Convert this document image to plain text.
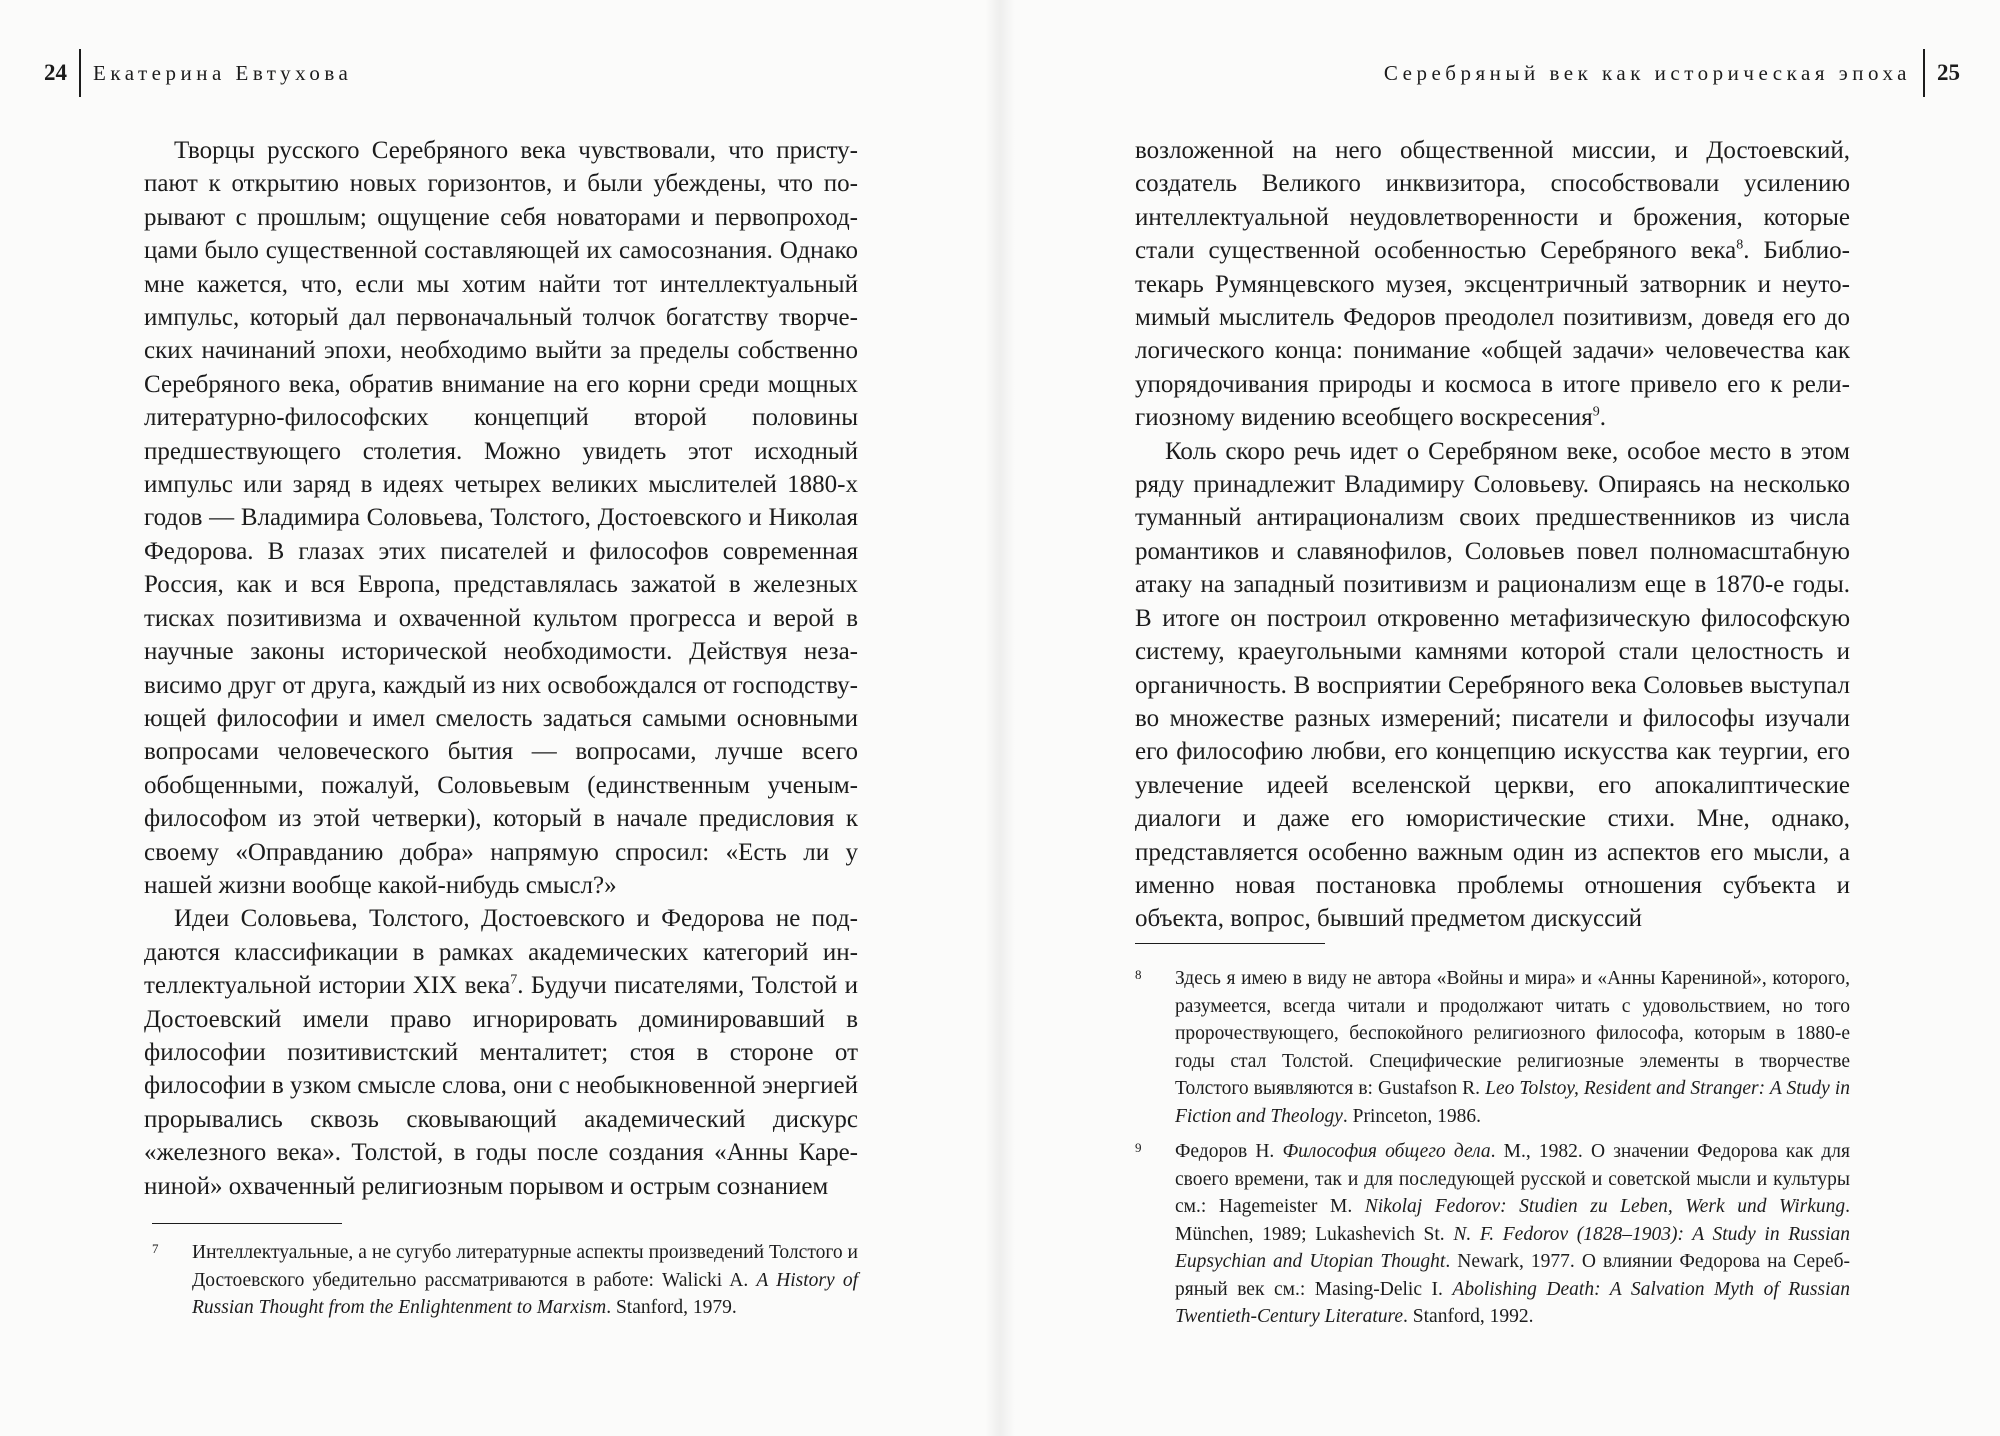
24 Екатерина Евтухова

Творцы русского Серебряного века чувствовали, что приступают к открытию новых горизонтов, и были убеждены, что порывают с прошлым; ощущение себя новаторами и первопроходцами было существенной составляющей их самосознания. Однако мне кажется, что, если мы хотим найти тот интеллектуальный импульс, который дал первоначальный толчок богатству творческих начинаний эпохи, необходимо выйти за пределы собственно Серебряного века, обратив внимание на его корни среди мощных литературно-философских концепций второй половины предшествующего столетия. Можно увидеть этот исходный импульс или заряд в идеях четырех великих мыслителей 1880-х годов — Владимира Соловьева, Толстого, Достоевского и Николая Федорова. В глазах этих писателей и философов современная Россия, как и вся Европа, представлялась зажатой в железных тисках позитивизма и охваченной культом прогресса и верой в научные законы исторической необходимости. Действуя независимо друг от друга, каждый из них освобождался от господствующей философии и имел смелость задаться самыми основными вопросами человеческого бытия — вопросами, лучше всего обобщенными, пожалуй, Соловьевым (единственным ученым-философом из этой четверки), который в начале предисловия к своему «Оправданию добра» напрямую спросил: «Есть ли у нашей жизни вообще какой-нибудь смысл?»

Идеи Соловьева, Толстого, Достоевского и Федорова не поддаются классификации в рамках академических категорий интеллектуальной истории XIX века$^7$. Будучи писателями, Толстой и Достоевский имели право игнорировать доминировавший в философии позитивистский менталитет; стоя в стороне от философии в узком смысле слова, они с необыкновенной энергией прорывались сквозь сковывающий академический дискурс «железного века». Толстой, в годы после создания «Анны Карениной» охваченный религиозным порывом и острым сознанием

7 Интеллектуальные, а не сугубо литературные аспекты произведений Толстого и Достоевского убедительно рассматриваются в работе: Walicki A. A History of Russian Thought from the Enlightenment to Marxism. Stanford, 1979.
Серебряный век как историческая эпоха 25

возложенной на него общественной миссии, и Достоевский, создатель Великого инквизитора, способствовали усилению интеллектуальной неудовлетворенности и брожения, которые стали существенной особенностью Серебряного века$^8$. Библиотекарь Румянцевского музея, эксцентричный затворник и неутомимый мыслитель Федоров преодолел позитивизм, доведя его до логического конца: понимание «общей задачи» человечества как упорядочивания природы и космоса в итоге привело его к религиозному видению всеобщего воскресения$^9$.

Коль скоро речь идет о Серебряном веке, особое место в этом ряду принадлежит Владимиру Соловьеву. Опираясь на несколько туманный антирационализм своих предшественников из числа романтиков и славянофилов, Соловьев повел полномасштабную атаку на западный позитивизм и рационализм еще в 1870-е годы. В итоге он построил откровенно метафизическую философскую систему, краеугольными камнями которой стали целостность и органичность. В восприятии Серебряного века Соловьев выступал во множестве разных измерений; писатели и философы изучали его философию любви, его концепцию искусства как теургии, его увлечение идеей вселенской церкви, его апокалиптические диалоги и даже его юмористические стихи. Мне, однако, представляется особенно важным один из аспектов его мысли, а именно новая постановка проблемы отношения субъекта и объекта, вопрос, бывший предметом дискуссий

8 Здесь я имею в виду не автора «Войны и мира» и «Анны Карениной», которого, разумеется, всегда читали и продолжают читать с удовольствием, но того пророчествующего, беспокойного религиозного философа, которым в 1880-е годы стал Толстой. Специфические религиозные элементы в творчестве Толстого выявляются в: Gustafson R. Leo Tolstoy, Resident and Stranger: A Study in Fiction and Theology. Princeton, 1986.
9 Федоров Н. Философия общего дела. М., 1982. О значении Федорова как для своего времени, так и для последующей русской и советской мысли и культуры см.: Hagemeister M. Nikolaj Fedorov: Studien zu Leben, Werk und Wirkung. München, 1989; Lukashevich St. N. F. Fedorov (1828–1903): A Study in Russian Eupsychian and Utopian Thought. Newark, 1977. О влиянии Федорова на Серебряный век см.: Masing-Delic I. Abolishing Death: A Salvation Myth of Russian Twentieth-Century Literature. Stanford, 1992.
